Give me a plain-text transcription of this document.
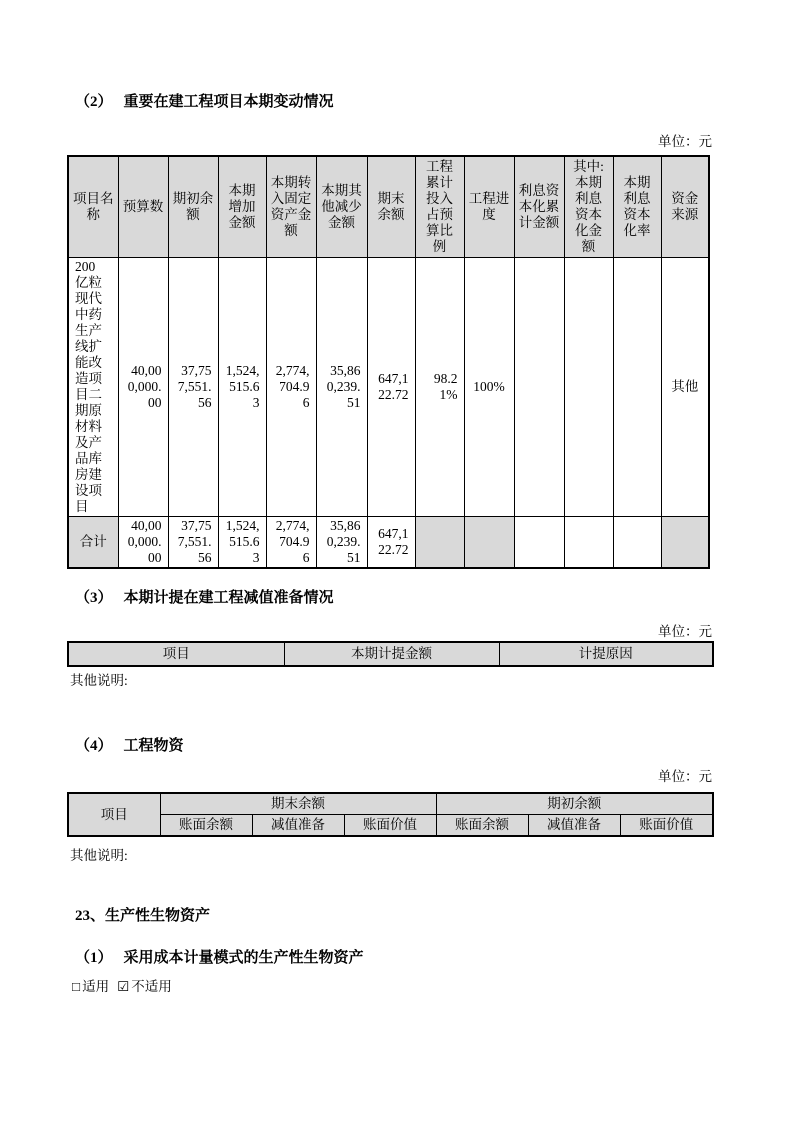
（2） 重要在建工程项目本期变动情况
单位：元
项目名称	预算数	期初余额	本期增加金额	本期转入固定资产金额	本期其他减少金额	期末余额	工程累计投入占预算比例	工程进度	利息资本化累计金额	其中:本期利息资本化金额	本期利息资本化率	资金来源
200 亿粒现代中药生产线扩能改造项目二期原材料及产品库房建设项目	40,000,000.00	37,757,551.56	1,524,515.63	2,774,704.96	35,860,239.51	647,122.72	98.21%	100%				其他
合计	40,000,000.00	37,757,551.56	1,524,515.63	2,774,704.96	35,860,239.51	647,122.72						
（3） 本期计提在建工程减值准备情况
单位：元
项目	本期计提金额	计提原因
其他说明:
（4） 工程物资
单位：元
项目	期末余额			期初余额		
	账面余额	减值准备	账面价值	账面余额	减值准备	账面价值
其他说明:
23、生产性生物资产
（1） 采用成本计量模式的生产性生物资产
□ 适用 ☑ 不适用
